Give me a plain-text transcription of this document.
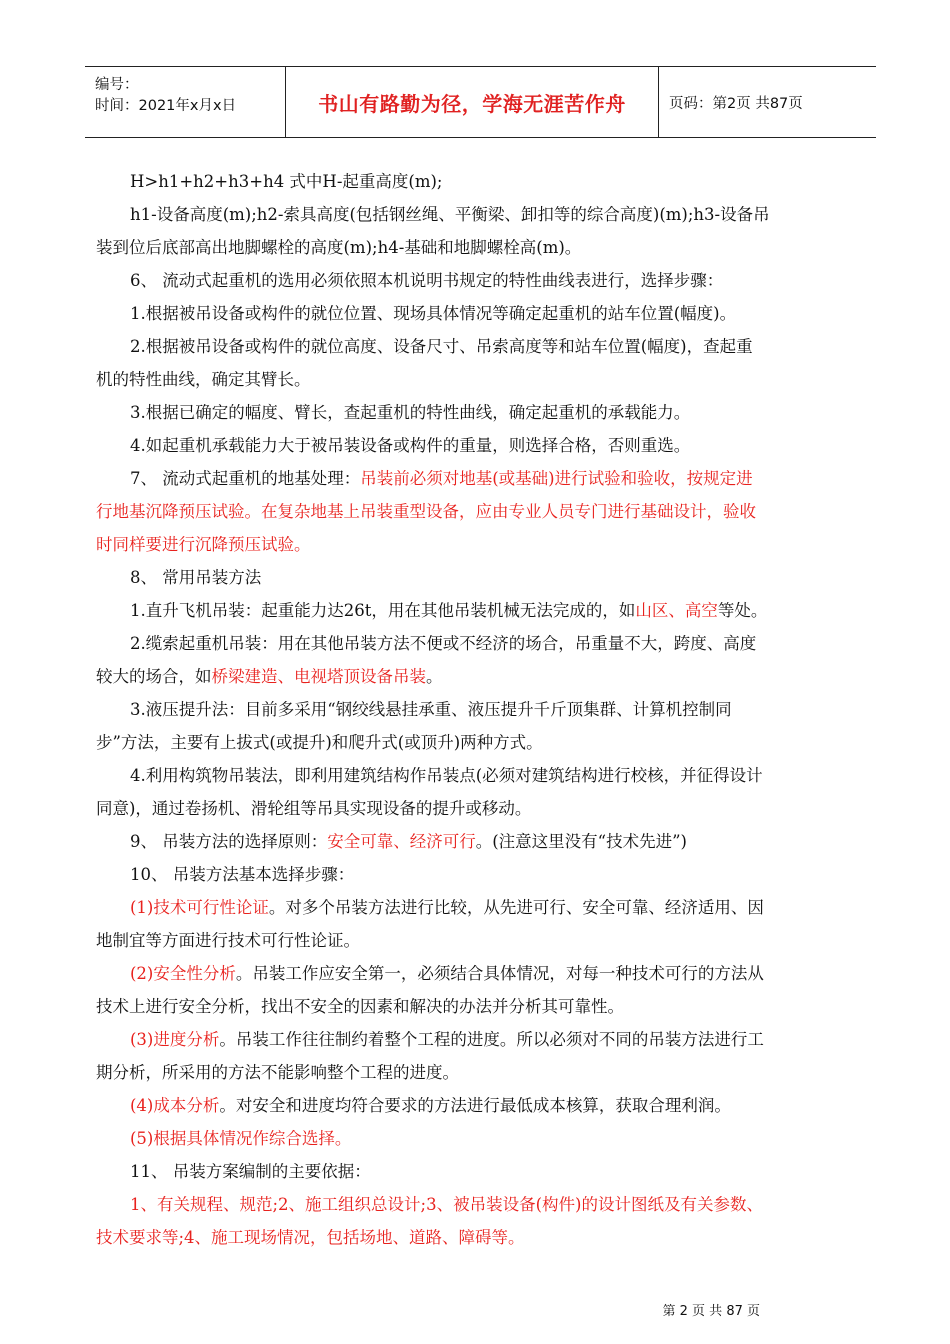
编号：
时间：2021年x月x日	书山有路勤为径，学海无涯苦作舟	页码：第2页 共87页
H>h1+h2+h3+h4 式中H-起重高度(m);
h1-设备高度(m);h2-索具高度(包括钢丝绳、平衡梁、卸扣等的综合高度)(m);h3-设备吊
装到位后底部高出地脚螺栓的高度(m);h4-基础和地脚螺栓高(m)。
6、 流动式起重机的选用必须依照本机说明书规定的特性曲线表进行，选择步骤：
1.根据被吊设备或构件的就位位置、现场具体情况等确定起重机的站车位置(幅度)。
2.根据被吊设备或构件的就位高度、设备尺寸、吊索高度等和站车位置(幅度)，查起重
机的特性曲线，确定其臂长。
3.根据已确定的幅度、臂长，查起重机的特性曲线，确定起重机的承载能力。
4.如起重机承载能力大于被吊装设备或构件的重量，则选择合格，否则重选。
7、 流动式起重机的地基处理：吊装前必须对地基(或基础)进行试验和验收，按规定进
行地基沉降预压试验。在复杂地基上吊装重型设备，应由专业人员专门进行基础设计，验收
时同样要进行沉降预压试验。
8、 常用吊装方法
1.直升飞机吊装：起重能力达26t，用在其他吊装机械无法完成的，如山区、高空等处。
2.缆索起重机吊装：用在其他吊装方法不便或不经济的场合，吊重量不大，跨度、高度
较大的场合，如桥梁建造、电视塔顶设备吊装。
3.液压提升法：目前多采用“钢绞线悬挂承重、液压提升千斤顶集群、计算机控制同
步”方法，主要有上拔式(或提升)和爬升式(或顶升)两种方式。
4.利用构筑物吊装法，即利用建筑结构作吊装点(必须对建筑结构进行校核，并征得设计
同意)，通过卷扬机、滑轮组等吊具实现设备的提升或移动。
9、 吊装方法的选择原则：安全可靠、经济可行。(注意这里没有“技术先进”)
10、 吊装方法基本选择步骤：
(1)技术可行性论证。对多个吊装方法进行比较，从先进可行、安全可靠、经济适用、因
地制宜等方面进行技术可行性论证。
(2)安全性分析。吊装工作应安全第一，必须结合具体情况，对每一种技术可行的方法从
技术上进行安全分析，找出不安全的因素和解决的办法并分析其可靠性。
(3)进度分析。吊装工作往往制约着整个工程的进度。所以必须对不同的吊装方法进行工
期分析，所采用的方法不能影响整个工程的进度。
(4)成本分析。对安全和进度均符合要求的方法进行最低成本核算，获取合理利润。
(5)根据具体情况作综合选择。
11、 吊装方案编制的主要依据：
1、有关规程、规范;2、施工组织总设计;3、被吊装设备(构件)的设计图纸及有关参数、
技术要求等;4、施工现场情况，包括场地、道路、障碍等。
第 2 页 共 87 页
